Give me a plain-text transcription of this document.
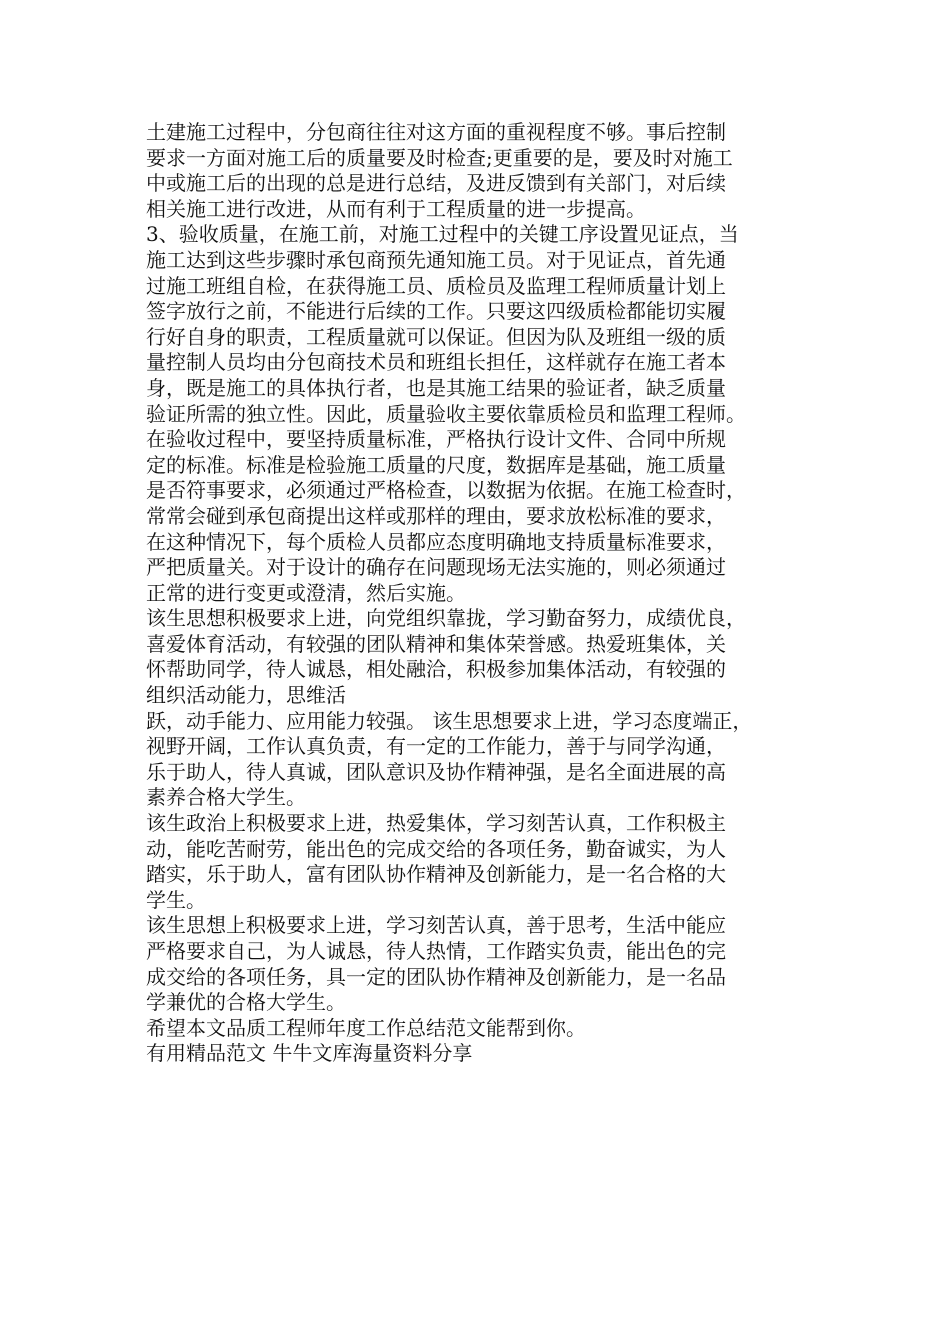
土建施工过程中，分包商往往对这方面的重视程度不够。事后控制
要求一方面对施工后的质量要及时检查;更重要的是，要及时对施工
中或施工后的出现的总是进行总结，及进反馈到有关部门，对后续
相关施工进行改进，从而有利于工程质量的进一步提高。
3、验收质量，在施工前，对施工过程中的关键工序设置见证点，当
施工达到这些步骤时承包商预先通知施工员。对于见证点，首先通
过施工班组自检，在获得施工员、质检员及监理工程师质量计划上
签字放行之前，不能进行后续的工作。只要这四级质检都能切实履
行好自身的职责，工程质量就可以保证。但因为队及班组一级的质
量控制人员均由分包商技术员和班组长担任，这样就存在施工者本
身，既是施工的具体执行者，也是其施工结果的验证者，缺乏质量
验证所需的独立性。因此，质量验收主要依靠质检员和监理工程师。
在验收过程中，要坚持质量标准，严格执行设计文件、合同中所规
定的标准。标准是检验施工质量的尺度，数据库是基础，施工质量
是否符事要求，必须通过严格检查，以数据为依据。在施工检查时，
常常会碰到承包商提出这样或那样的理由，要求放松标准的要求，
在这种情况下，每个质检人员都应态度明确地支持质量标准要求，
严把质量关。对于设计的确存在问题现场无法实施的，则必须通过
正常的进行变更或澄清，然后实施。
该生思想积极要求上进，向党组织靠拢，学习勤奋努力，成绩优良，
喜爱体育活动，有较强的团队精神和集体荣誉感。热爱班集体，关
怀帮助同学，待人诚恳，相处融洽，积极参加集体活动，有较强的
组织活动能力，思维活
跃，动手能力、应用能力较强。 该生思想要求上进，学习态度端正，
视野开阔，工作认真负责，有一定的工作能力，善于与同学沟通，
乐于助人，待人真诚，团队意识及协作精神强，是名全面进展的高
素养合格大学生。
该生政治上积极要求上进，热爱集体，学习刻苦认真，工作积极主
动，能吃苦耐劳，能出色的完成交给的各项任务，勤奋诚实，为人
踏实，乐于助人，富有团队协作精神及创新能力，是一名合格的大
学生。
该生思想上积极要求上进，学习刻苦认真，善于思考，生活中能应
严格要求自己，为人诚恳，待人热情，工作踏实负责，能出色的完
成交给的各项任务，具一定的团队协作精神及创新能力，是一名品
学兼优的合格大学生。
希望本文品质工程师年度工作总结范文能帮到你。
有用精品范文 牛牛文库海量资料分享
